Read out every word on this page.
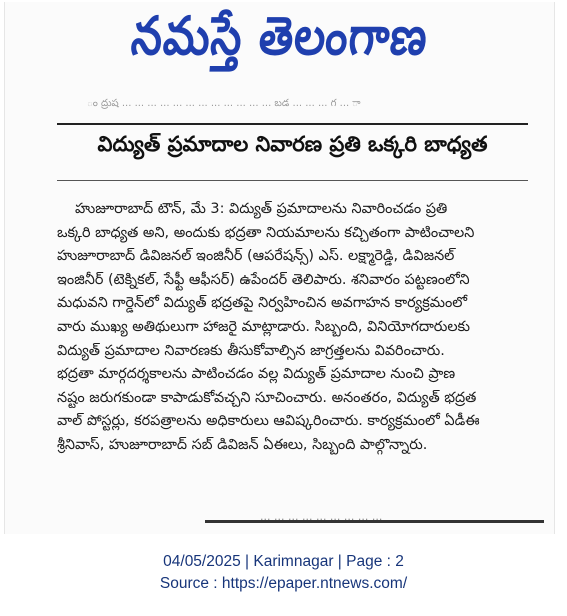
నమస్తే తెలంగాణ
ం ద్రుష ... ... ... ... ... ... ... ... ... ... ... ... బడ ... ... ... గ ... ా
విద్యుత్ ప్రమాదాల నివారణ ప్రతి ఒక్కరి బాధ్యత
హుజూరాబాద్ టౌన్, మే 3: విద్యుత్ ప్రమాదాలను నివారించడం ప్రతి
ఒక్కరి బాధ్యత అని, అందుకు భద్రతా నియమాలను కచ్చితంగా పాటించాలని
హుజూరాబాద్ డివిజనల్ ఇంజినీర్ (ఆపరేషన్స్) ఎస్. లక్ష్మారెడ్డి, డివిజనల్
ఇంజినీర్ (టెక్నికల్, సేఫ్టీ ఆఫీసర్) ఉపేందర్ తెలిపారు. శనివారం పట్టణంలోని
మధువని గార్డెన్‌లో విద్యుత్ భద్రతపై నిర్వహించిన అవగాహన కార్యక్రమంలో
వారు ముఖ్య అతిథులుగా హాజరై మాట్లాడారు. సిబ్బంది, వినియోగదారులకు
విద్యుత్ ప్రమాదాల నివారణకు తీసుకోవాల్సిన జాగ్రత్తలను వివరించారు.
భద్రతా మార్గదర్శకాలను పాటించడం వల్ల విద్యుత్ ప్రమాదాల నుంచి ప్రాణ
నష్టం జరుగకుండా కాపాడుకోవచ్చని సూచించారు. అనంతరం, విద్యుత్ భద్రత
వాల్ పోస్టర్లు, కరపత్రాలను అధికారులు ఆవిష్కరించారు. కార్యక్రమంలో ఏడీఈ
శ్రీనివాస్, హుజూరాబాద్ సబ్ డివిజన్ ఏఈలు, సిబ్బంది పాల్గొన్నారు.
... ... ... ... ... ... ... ... ...
04/05/2025 | Karimnagar | Page : 2
Source : https://epaper.ntnews.com/
